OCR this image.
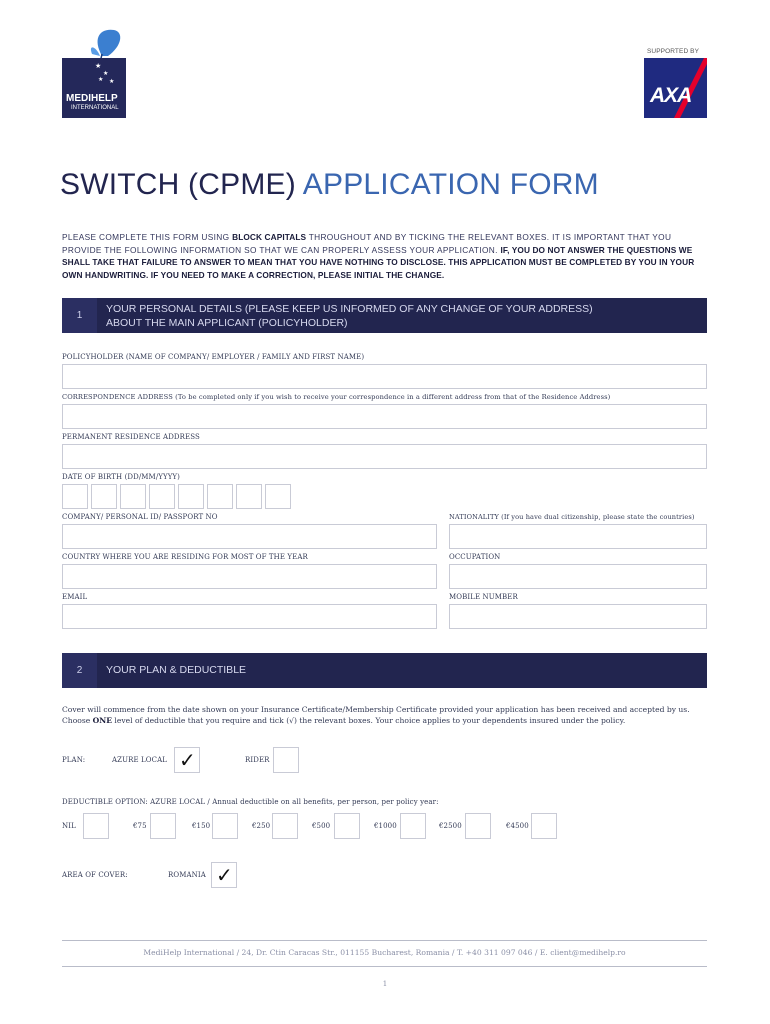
★
★
★ ★
MEDIHELP
INTERNATIONAL
SUPPORTED BY
AXA
SWITCH (CPME) APPLICATION FORM
PLEASE COMPLETE THIS FORM USING BLOCK CAPITALS THROUGHOUT AND BY TICKING THE RELEVANT BOXES. IT IS IMPORTANT THAT YOU PROVIDE THE FOLLOWING INFORMATION SO THAT WE CAN PROPERLY ASSESS YOUR APPLICATION. IF, YOU DO NOT ANSWER THE QUESTIONS WE SHALL TAKE THAT FAILURE TO ANSWER TO MEAN THAT YOU HAVE NOTHING TO DISCLOSE. THIS APPLICATION MUST BE COMPLETED BY YOU IN YOUR OWN HANDWRITING. IF YOU NEED TO MAKE A CORRECTION, PLEASE INITIAL THE CHANGE.
1
YOUR PERSONAL DETAILS (PLEASE KEEP US INFORMED OF ANY CHANGE OF YOUR ADDRESS)
ABOUT THE MAIN APPLICANT (POLICYHOLDER)
POLICYHOLDER (NAME OF COMPANY/ EMPLOYER / FAMILY AND FIRST NAME)
CORRESPONDENCE ADDRESS (To be completed only if you wish to receive your correspondence in a different address from that of the Residence Address)
PERMANENT RESIDENCE ADDRESS
DATE OF BIRTH (DD/MM/YYYY)
COMPANY/ PERSONAL ID/ PASSPORT NO	NATIONALITY (If you have dual citizenship, please state the countries)
COUNTRY WHERE YOU ARE RESIDING FOR MOST OF THE YEAR	OCCUPATION
EMAIL	MOBILE NUMBER
2	YOUR PLAN & DEDUCTIBLE
Cover will commence from the date shown on your Insurance Certificate/Membership Certificate provided your application has been received and accepted by us. Choose ONE level of deductible that you require and tick (√) the relevant boxes. Your choice applies to your dependents insured under the policy.
PLAN:	AZURE LOCAL ✓	RIDER
DEDUCTIBLE OPTION: AZURE LOCAL / Annual deductible on all benefits, per person, per policy year:
NIL	€75	€150	€250	€500	€1000	€2500	€4500
AREA OF COVER:	ROMANIA ✓
MediHelp International / 24, Dr. Ctin Caracas Str., 011155 Bucharest, Romania / T. +40 311 097 046 / E. client@medihelp.ro
1
